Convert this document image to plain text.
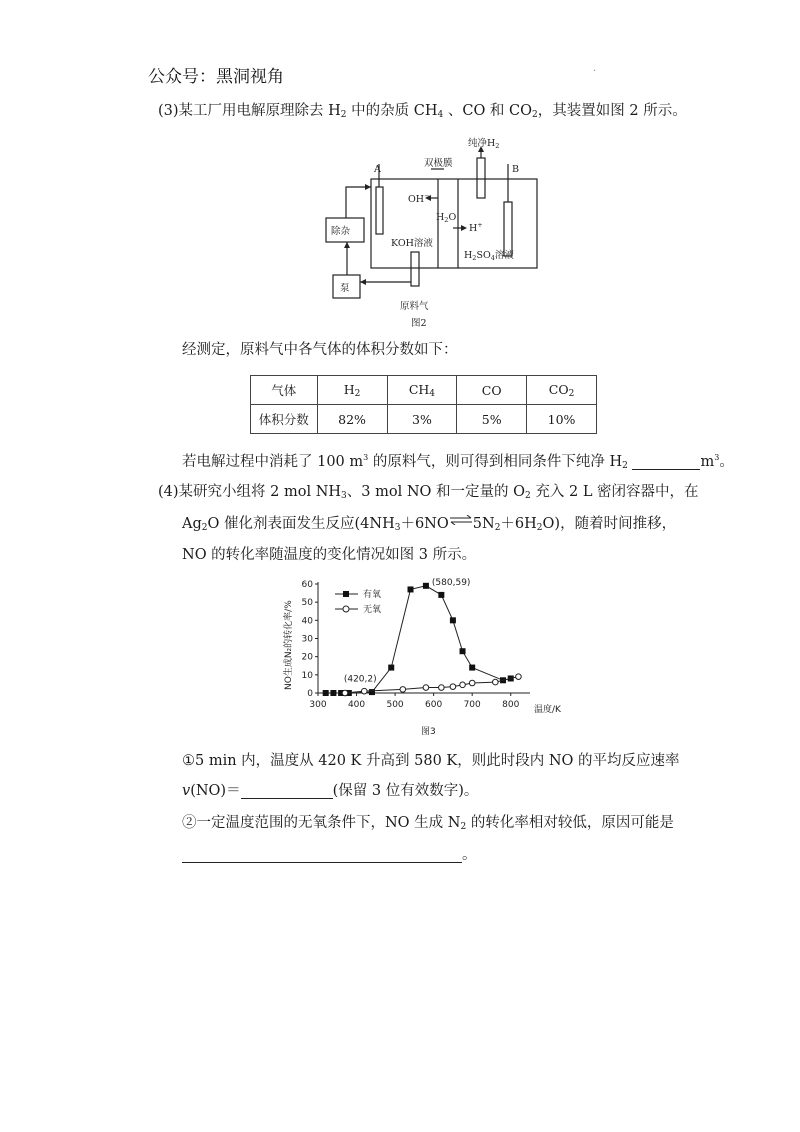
公众号：黑洞视角	·
(3)某工厂用电解原理除去 $H_2$ 中的杂质 $CH_4$ 、CO 和 $CO_2$，其装置如图 2 所示。
A	B
双极膜
纯净$H_2$
OH−
$H_2O$
H+
KOH溶液
$H_2SO_4$溶液
除杂
泵
原料气
图2
经测定，原料气中各气体的体积分数如下：
气体	$H_2$	$CH_4$	CO	$CO_2$
体积分数	82%	3%	5%	10%
若电解过程中消耗了 100 $m^3$ 的原料气，则可得到相同条件下纯净 $H_2$	$m^3$。
(4)某研究小组将 2 mol $NH_3$、3 mol NO 和一定量的 $O_2$ 充入 2 L 密闭容器中，在
$Ag_2O$ 催化剂表面发生反应$(4NH_3+6NO\rightleftharpoons 5N_2+6H_2O)$，随着时间推移，
NO 的转化率随温度的变化情况如图 3 所示。
300 400 500 600 700 800
0
10
20
30
40
50
60	(580,59)
(420,2)
NO生成N₂的转化率/%
温度/K
图3
有氧
无氧
①5 min 内，温度从 420 K 升高到 580 K，则此时段内 NO 的平均反应速率
v(NO)＝	(保留 3 位有效数字)。
②一定温度范围的无氧条件下，NO 生成 $N_2$ 的转化率相对较低，原因可能是
。
